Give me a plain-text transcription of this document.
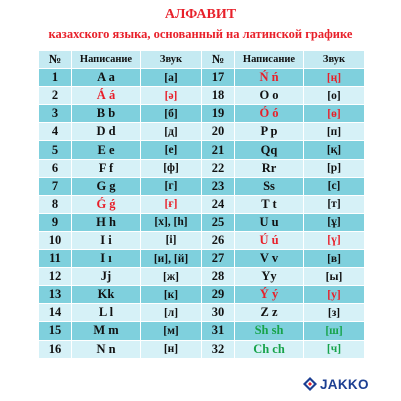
АЛФАВИТ
казахского языка, основанный на латинской графике
№	Написание	Звук
1	A a	[а]
2	Á á	[ә]
3	B b	[б]
4	D d	[д]
5	E e	[е]
6	F f	[ф]
7	G g	[г]
8	Ǵ ǵ	[ғ]
9	H h	[х], [һ]
10	I i	[і]
11	I ı	[и], [й]
12	Jj	[ж]
13	Kk	[к]
14	L l	[л]
15	M m	[м]
16	N n	[н]
№	Написание	Звук
17	Ń ń	[ң]
18	O o	[о]
19	Ó ó	[ө]
20	P p	[п]
21	Qq	[қ]
22	Rr	[р]
23	Ss	[с]
24	T t	[т]
25	U u	[ұ]
26	Ú ú	[ү]
27	V v	[в]
28	Yy	[ы]
29	Ý ý	[у]
30	Z z	[з]
31	Sh sh	[ш]
32	Ch ch	[ч]
JAKKO
